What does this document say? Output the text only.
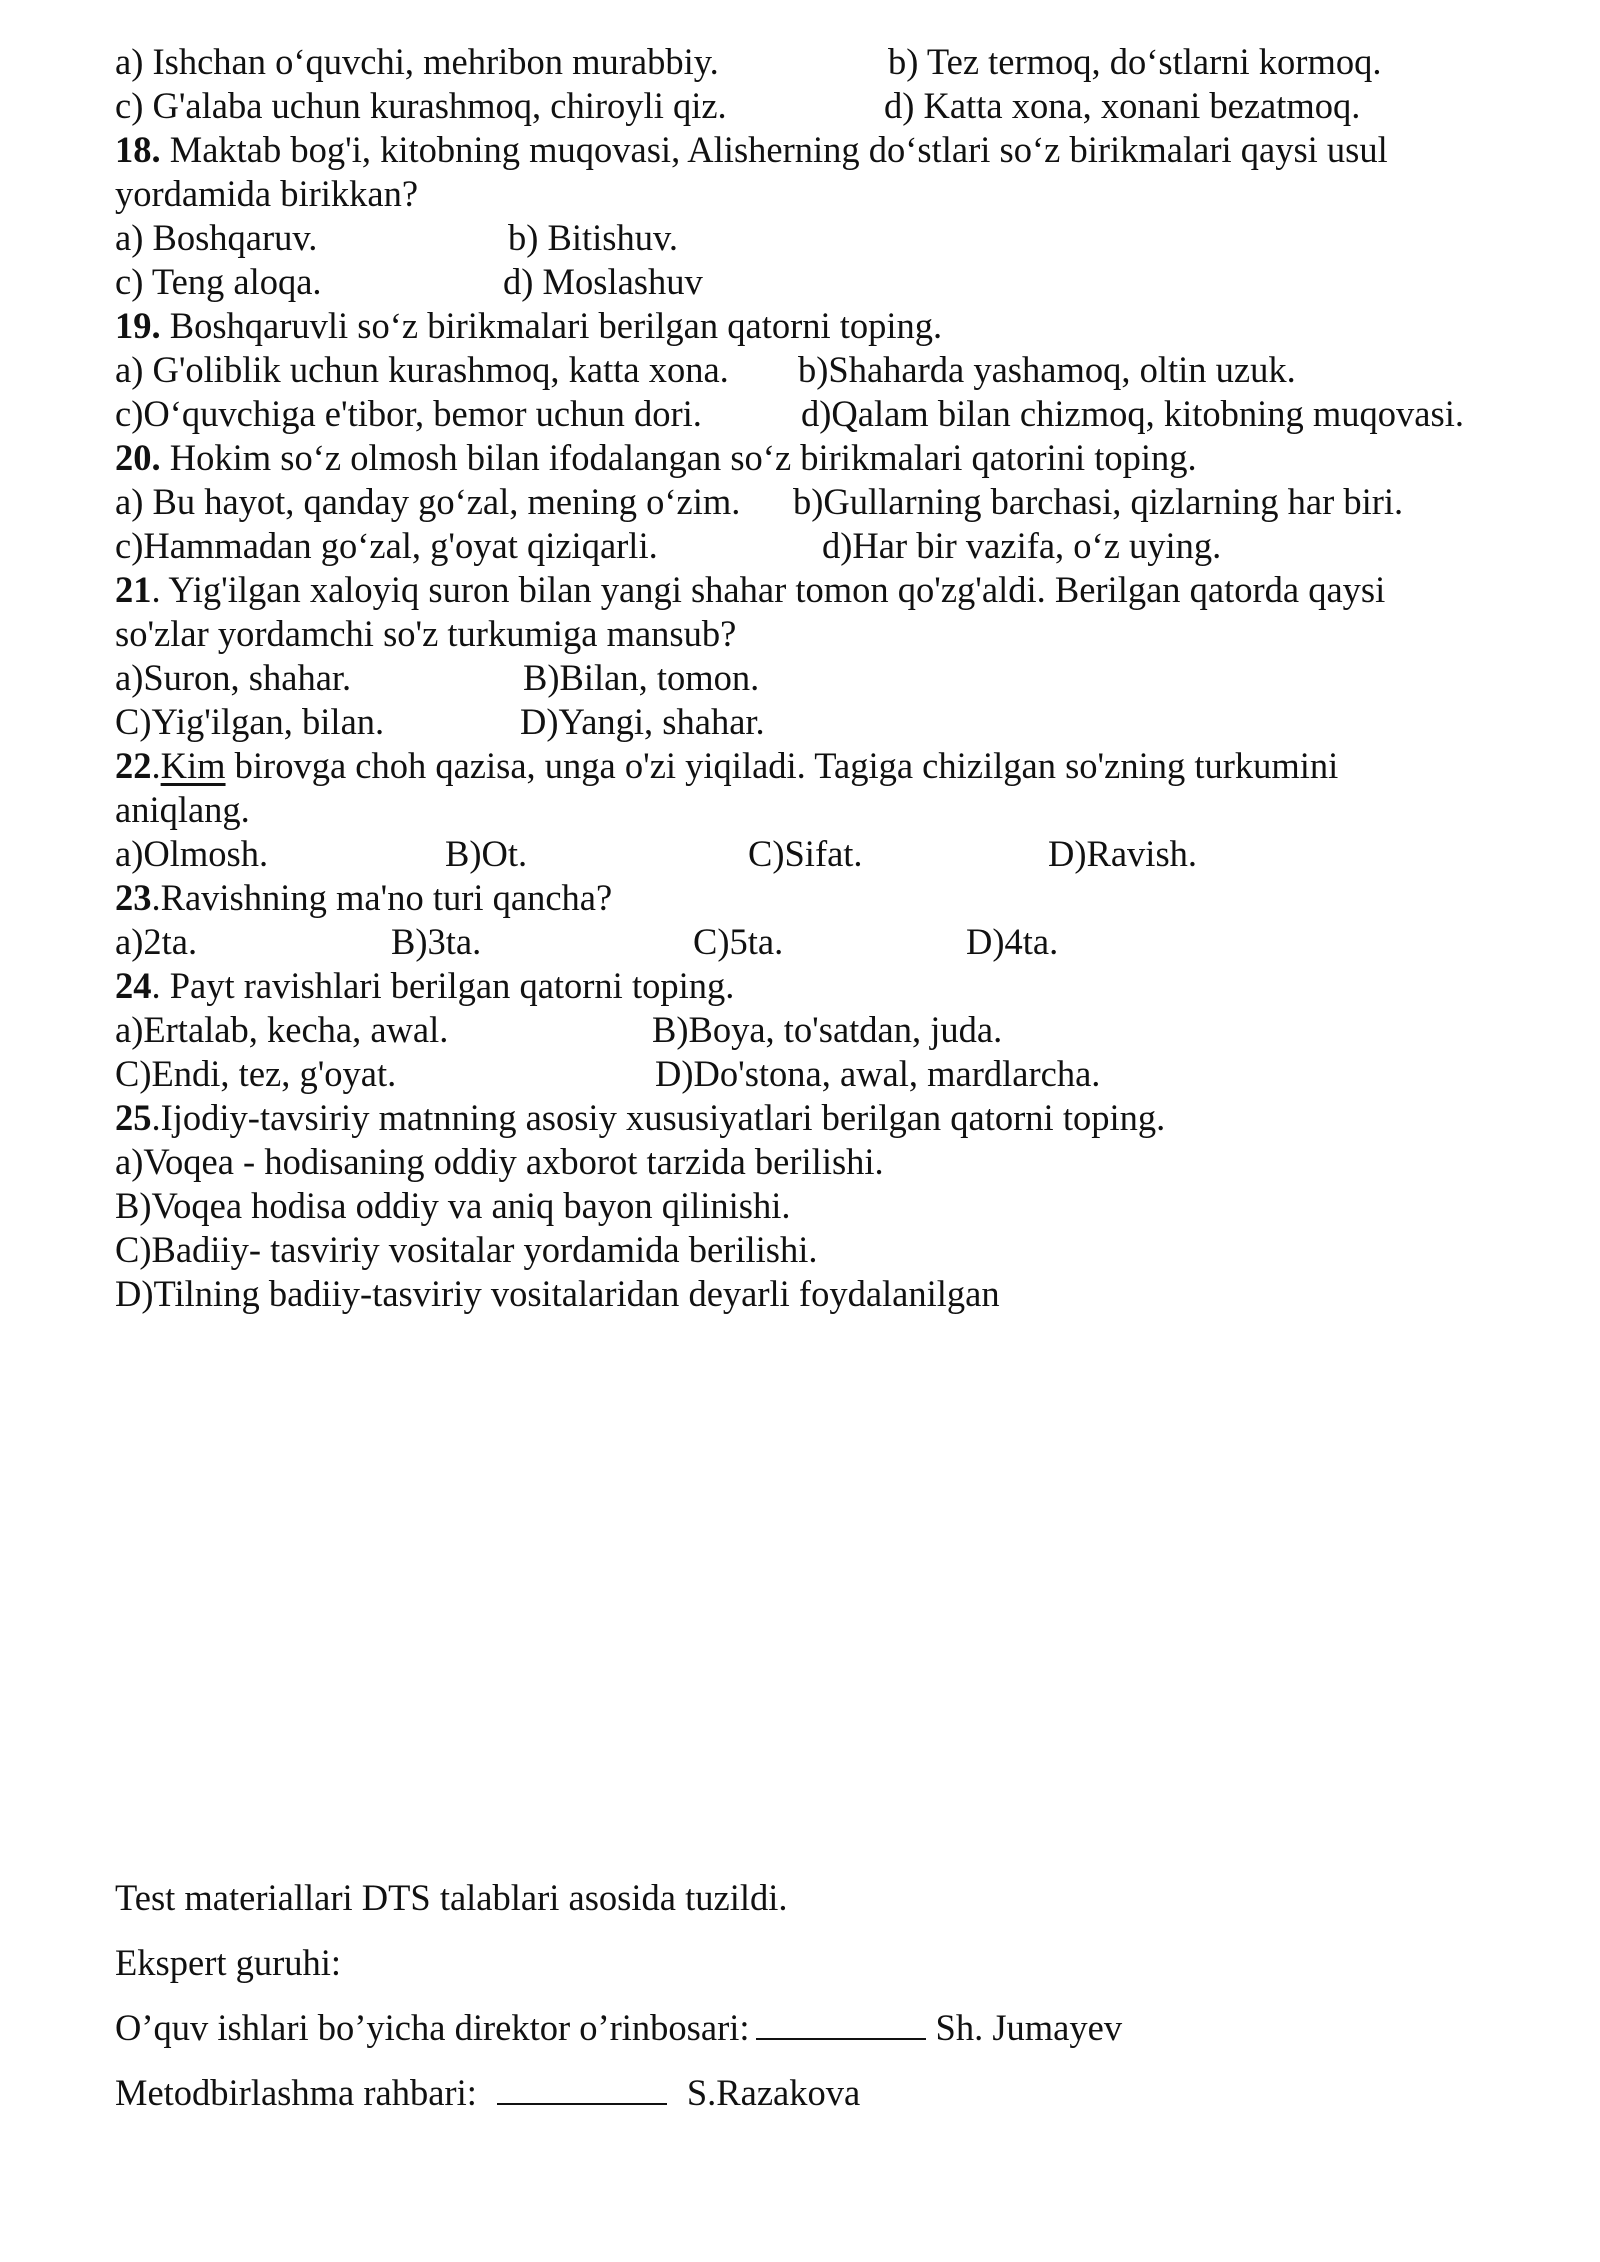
a) Ishchan o‘quvchi, mehribon murabbiy.	b) Tez termoq, do‘stlarni kormoq.
c) G'alaba uchun kurashmoq, chiroyli qiz.	d) Katta xona, xonani bezatmoq.
18. Maktab bog'i, kitobning muqovasi, Alisherning do‘stlari so‘z birikmalari qaysi usul
yordamida birikkan?
a) Boshqaruv.	b) Bitishuv.
c) Teng aloqa.	d) Moslashuv
19. Boshqaruvli so‘z birikmalari berilgan qatorni toping.
a) G'oliblik uchun kurashmoq, katta xona. b)Shaharda yashamoq, oltin uzuk.
c)O‘quvchiga e'tibor, bemor uchun dori.	d)Qalam bilan chizmoq, kitobning muqovasi.
20. Hokim so‘z olmosh bilan ifodalangan so‘z birikmalari qatorini toping.
a) Bu hayot, qanday go‘zal, mening o‘zim. b)Gullarning barchasi, qizlarning har biri.
c)Hammadan go‘zal, g'oyat qiziqarli.	d)Har bir vazifa, o‘z uying.
21. Yig'ilgan xaloyiq suron bilan yangi shahar tomon qo'zg'aldi. Berilgan qatorda qaysi
so'zlar yordamchi so'z turkumiga mansub?
a)Suron, shahar.	B)Bilan, tomon.
C)Yig'ilgan, bilan.	D)Yangi, shahar.
22.Kim birovga choh qazisa, unga o'zi yiqiladi. Tagiga chizilgan so'zning turkumini
aniqlang.
a)Olmosh.	B)Ot.	C)Sifat.	D)Ravish.
23.Ravishning ma'no turi qancha?
a)2ta.	B)3ta.	C)5ta.	D)4ta.
24. Payt ravishlari berilgan qatorni toping.
a)Ertalab, kecha, awal.	B)Boya, to'satdan, juda.
C)Endi, tez, g'oyat.	D)Do'stona, awal, mardlarcha.
25.Ijodiy-tavsiriy matnning asosiy xususiyatlari berilgan qatorni toping.
a)Voqea - hodisaning oddiy axborot tarzida berilishi.
B)Voqea hodisa oddiy va aniq bayon qilinishi.
C)Badiiy- tasviriy vositalar yordamida berilishi.
D)Tilning badiiy-tasviriy vositalaridan deyarli foydalanilgan
Test materiallari DTS talablari asosida tuzildi.
Ekspert guruhi:
O’quv ishlari bo’yicha direktor o’rinbosari:	Sh. Jumayev
Metodbirlashma rahbari:	S.Razakova
